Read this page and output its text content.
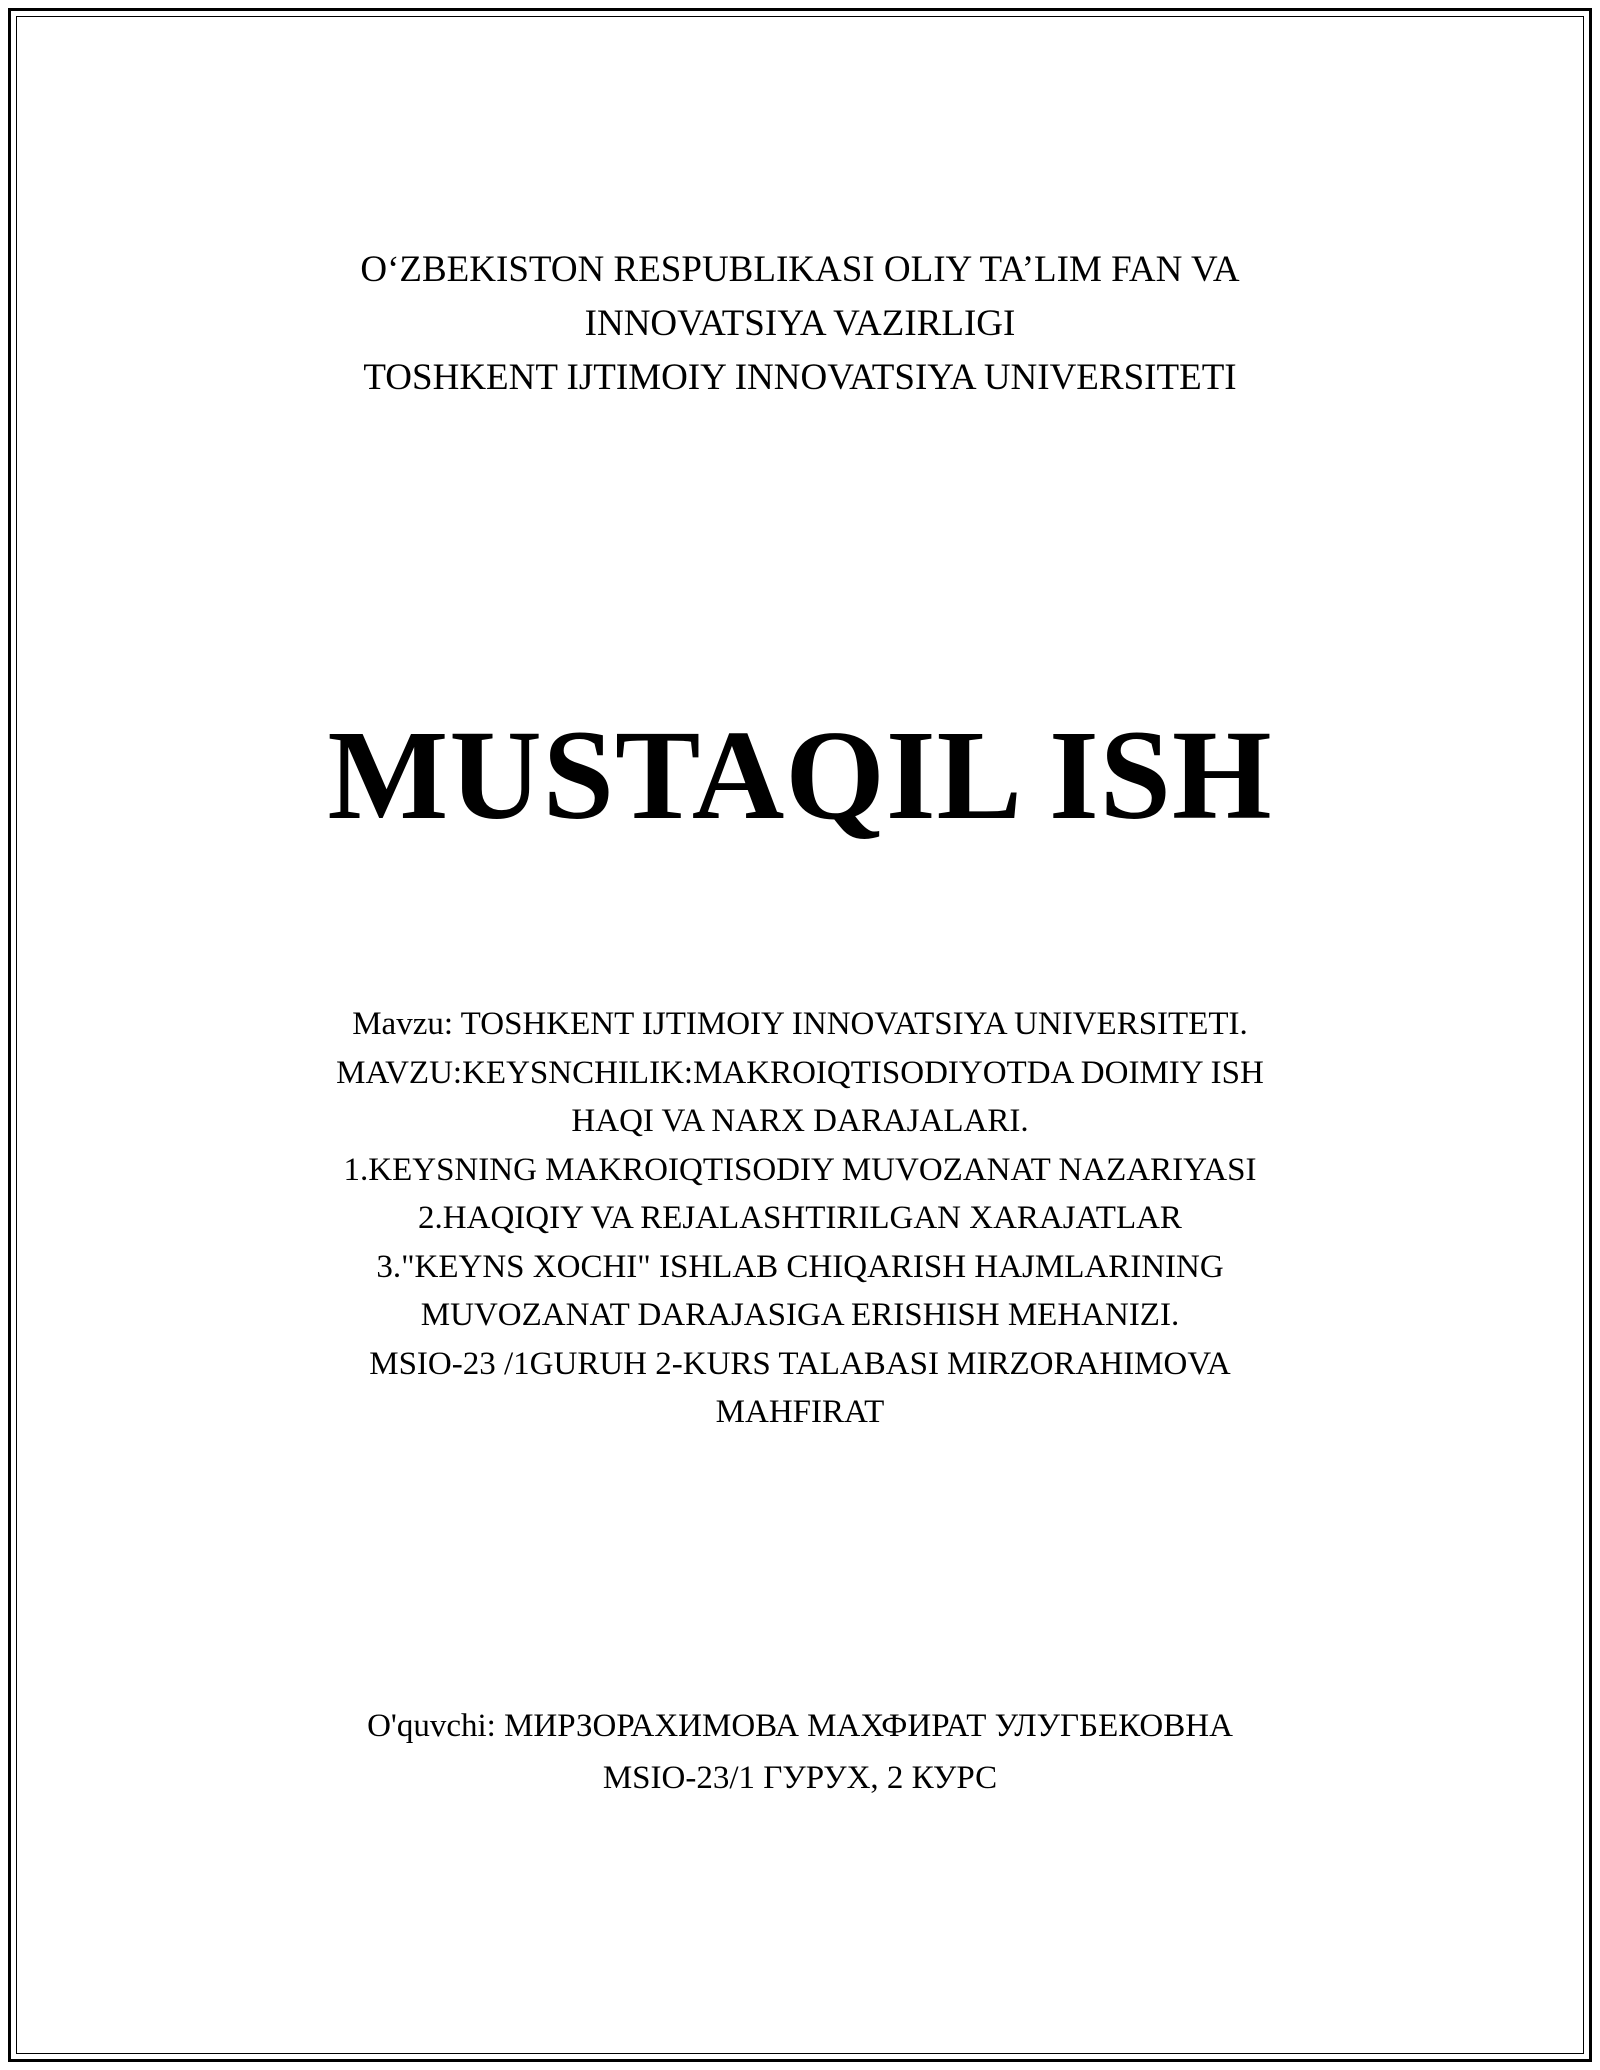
O‘ZBEKISTON RESPUBLIKASI OLIY TA’LIM FAN VA
INNOVATSIYA VAZIRLIGI
TOSHKENT IJTIMOIY INNOVATSIYA UNIVERSITETI
MUSTAQIL ISH
Mavzu: TOSHKENT IJTIMOIY INNOVATSIYA UNIVERSITETI.
MAVZU:KEYSNCHILIK:MAKROIQTISODIYOTDA DOIMIY ISH
HAQI VA NARX DARAJALARI.
1.KEYSNING MAKROIQTISODIY MUVOZANAT NAZARIYASI
2.HAQIQIY VA REJALASHTIRILGAN XARAJATLAR
3."KEYNS XOCHI" ISHLAB CHIQARISH HAJMLARINING
MUVOZANAT DARAJASIGA ERISHISH MEHANIZI.
MSIO-23 /1GURUH 2-KURS TALABASI MIRZORAHIMOVA
MAHFIRAT
O'quvchi: МИРЗОРАХИМОВА МАХФИРАТ УЛУГБЕКОВНА
MSIO-23/1 ГУРУХ, 2 КУРС
